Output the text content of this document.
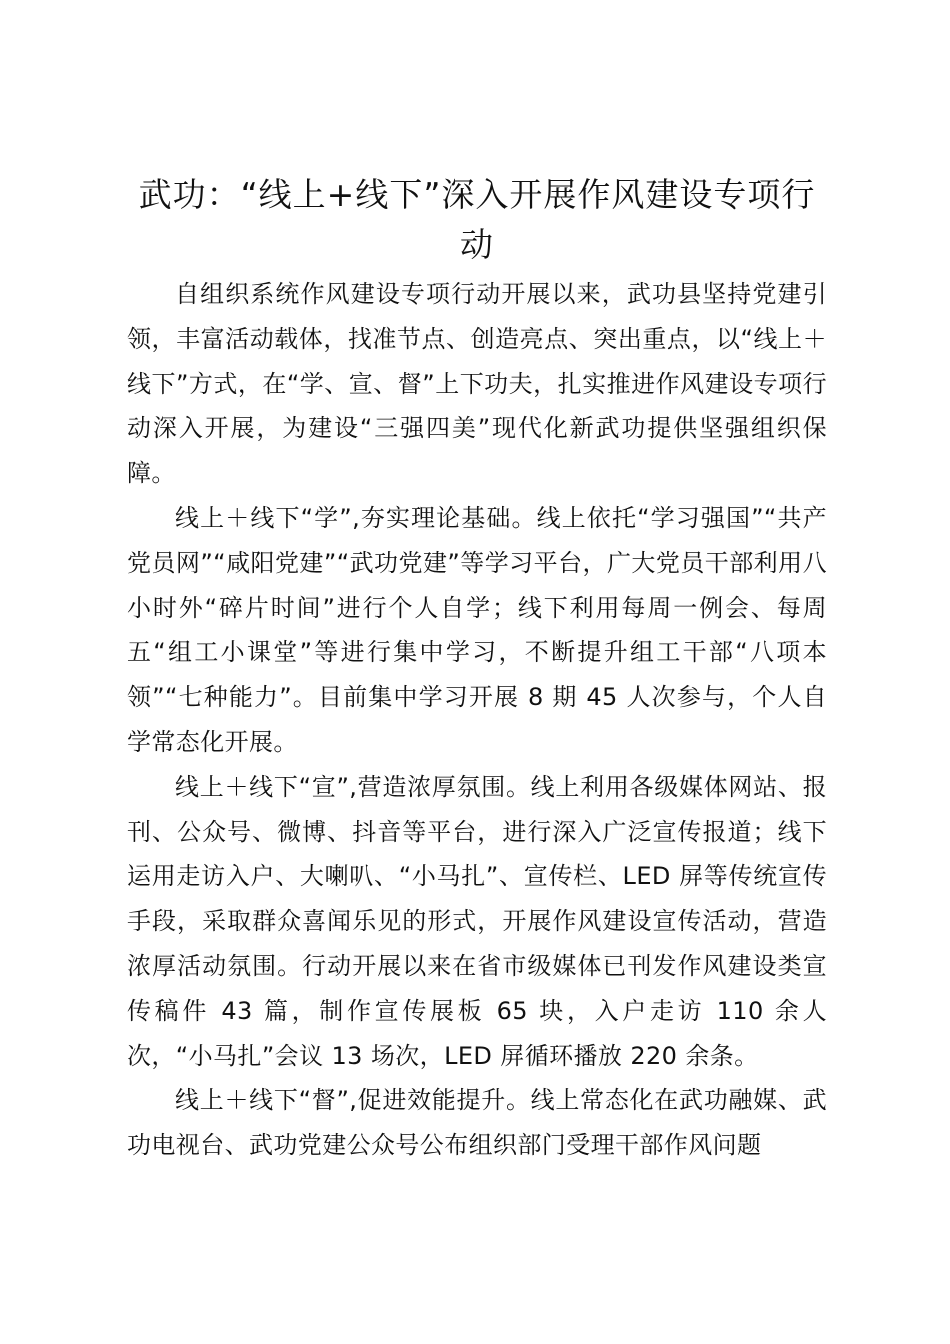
武功：“线上+线下”深入开展作风建设专项行动

自组织系统作风建设专项行动开展以来，武功县坚持党建引领，丰富活动载体，找准节点、创造亮点、突出重点，以“线上＋线下”方式，在“学、宣、督”上下功夫，扎实推进作风建设专项行动深入开展，为建设“三强四美”现代化新武功提供坚强组织保障。

线上＋线下“学”,夯实理论基础。线上依托“学习强国”“共产党员网”“咸阳党建”“武功党建”等学习平台，广大党员干部利用八小时外“碎片时间”进行个人自学；线下利用每周一例会、每周五“组工小课堂”等进行集中学习，不断提升组工干部“八项本领”“七种能力”。目前集中学习开展 8 期 45 人次参与，个人自学常态化开展。

线上＋线下“宣”,营造浓厚氛围。线上利用各级媒体网站、报刊、公众号、微博、抖音等平台，进行深入广泛宣传报道；线下运用走访入户、大喇叭、“小马扎”、宣传栏、LED 屏等传统宣传手段，采取群众喜闻乐见的形式，开展作风建设宣传活动，营造浓厚活动氛围。行动开展以来在省市级媒体已刊发作风建设类宣传稿件 43 篇，制作宣传展板 65 块，入户走访 110 余人次，“小马扎”会议 13 场次，LED 屏循环播放 220 余条。

线上＋线下“督”,促进效能提升。线上常态化在武功融媒、武功电视台、武功党建公众号公布组织部门受理干部作风问题
